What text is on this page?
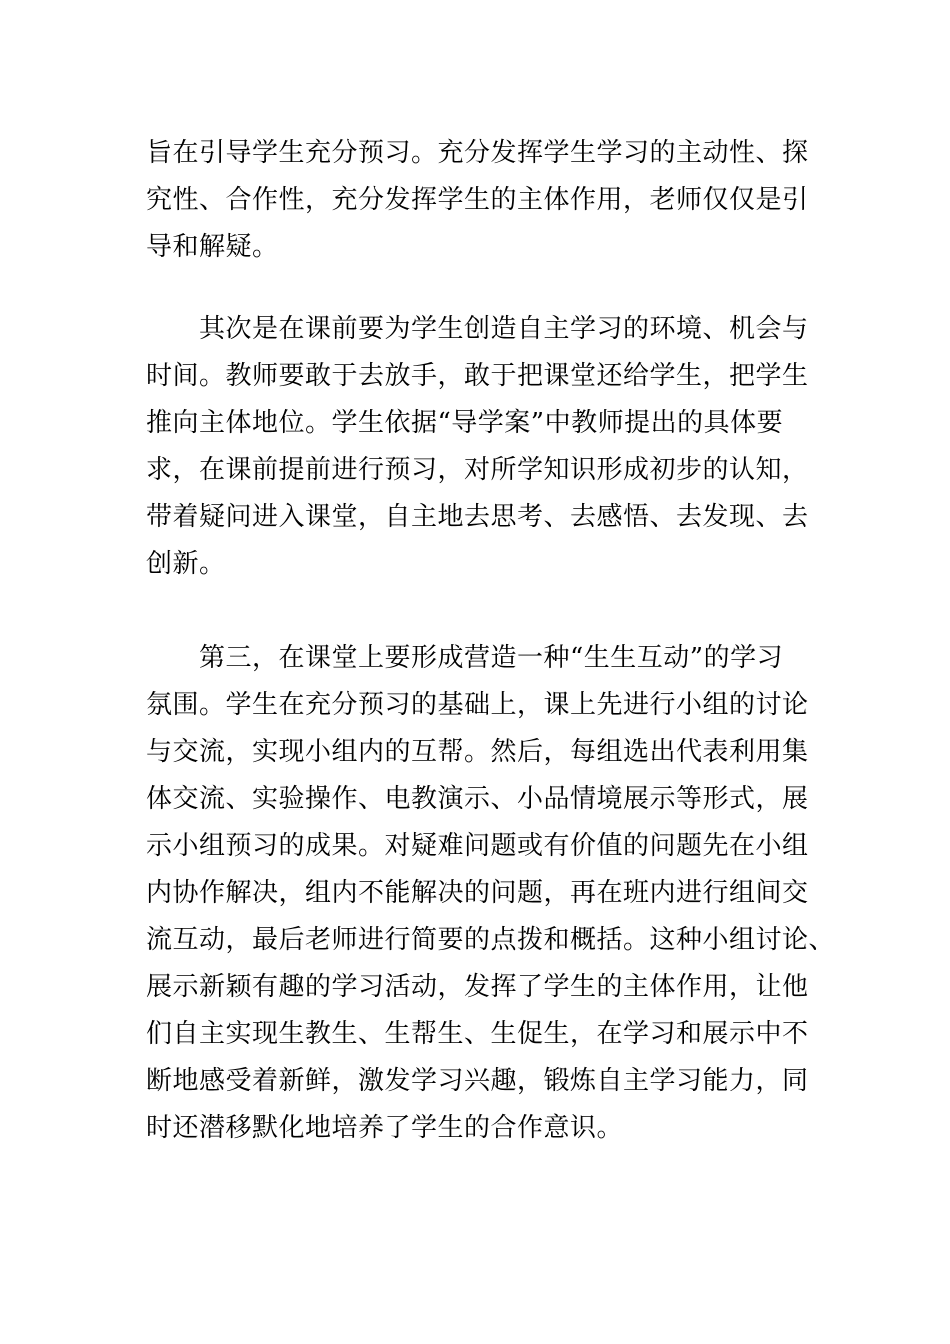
旨在引导学生充分预习。充分发挥学生学习的主动性、探
究性、合作性，充分发挥学生的主体作用，老师仅仅是引
导和解疑。
　　其次是在课前要为学生创造自主学习的环境、机会与
时间。教师要敢于去放手，敢于把课堂还给学生，把学生
推向主体地位。学生依据“导学案”中教师提出的具体要
求，在课前提前进行预习，对所学知识形成初步的认知，
带着疑问进入课堂，自主地去思考、去感悟、去发现、去
创新。
　　第三，在课堂上要形成营造一种“生生互动”的学习
氛围。学生在充分预习的基础上，课上先进行小组的讨论
与交流，实现小组内的互帮。然后，每组选出代表利用集
体交流、实验操作、电教演示、小品情境展示等形式，展
示小组预习的成果。对疑难问题或有价值的问题先在小组
内协作解决，组内不能解决的问题，再在班内进行组间交
流互动，最后老师进行简要的点拨和概括。这种小组讨论、
展示新颖有趣的学习活动，发挥了学生的主体作用，让他
们自主实现生教生、生帮生、生促生，在学习和展示中不
断地感受着新鲜，激发学习兴趣，锻炼自主学习能力，同
时还潜移默化地培养了学生的合作意识。
